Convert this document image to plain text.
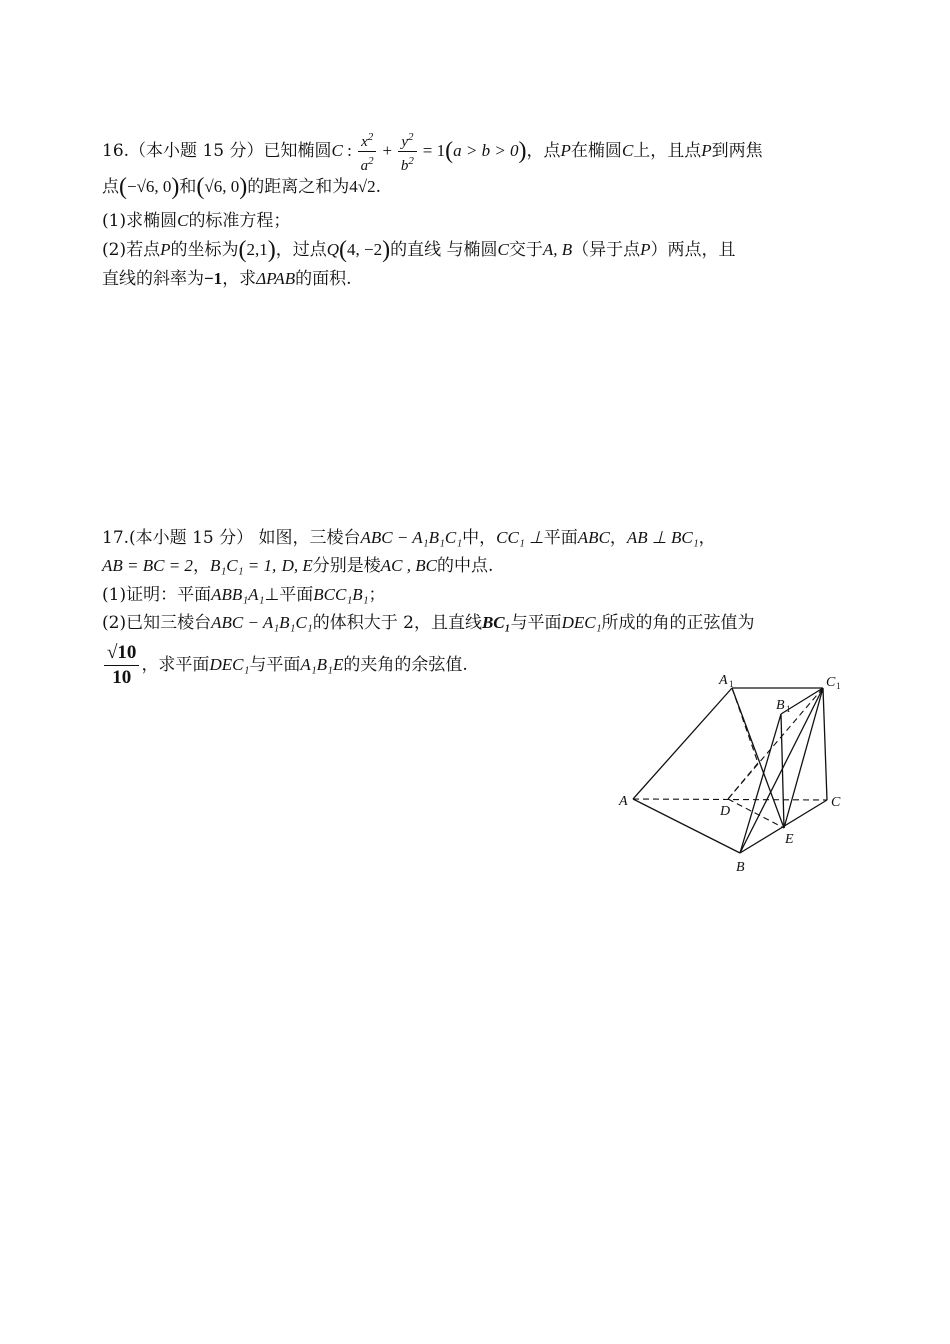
16.（本小题 15 分）已知椭圆C : $\frac{x^2}{a^2} + \frac{y^2}{b^2} = 1(a > b > 0)$，点P在椭圆C上，且点P到两焦
点(−√6, 0)和(√6, 0)的距离之和为4√2.
(1)求椭圆C的标准方程；
(2)若点P的坐标为(2,1)，过点Q(4, −2)的直线 与椭圆C交于A, B（异于点P）两点，且
直线的斜率为−1，求ΔPAB的面积.
17.(本小题 15 分） 如图，三棱台ABC − A₁B₁C₁中，CC₁ ⊥平面ABC，AB ⊥ BC₁，
AB = BC = 2，B₁C₁ = 1, D, E分别是棱AC , BC的中点.
(1)证明：平面ABB₁A₁⊥平面BCC₁B₁；
(2)已知三棱台ABC − A₁B₁C₁的体积大于 2，且直线BC₁与平面DEC₁所成的角的正弦值为
$\frac{√10}{10}$ ，求平面DEC₁与平面A₁B₁E的夹角的余弦值.
A 1	C 1
B 1
A	C
D
E
B
